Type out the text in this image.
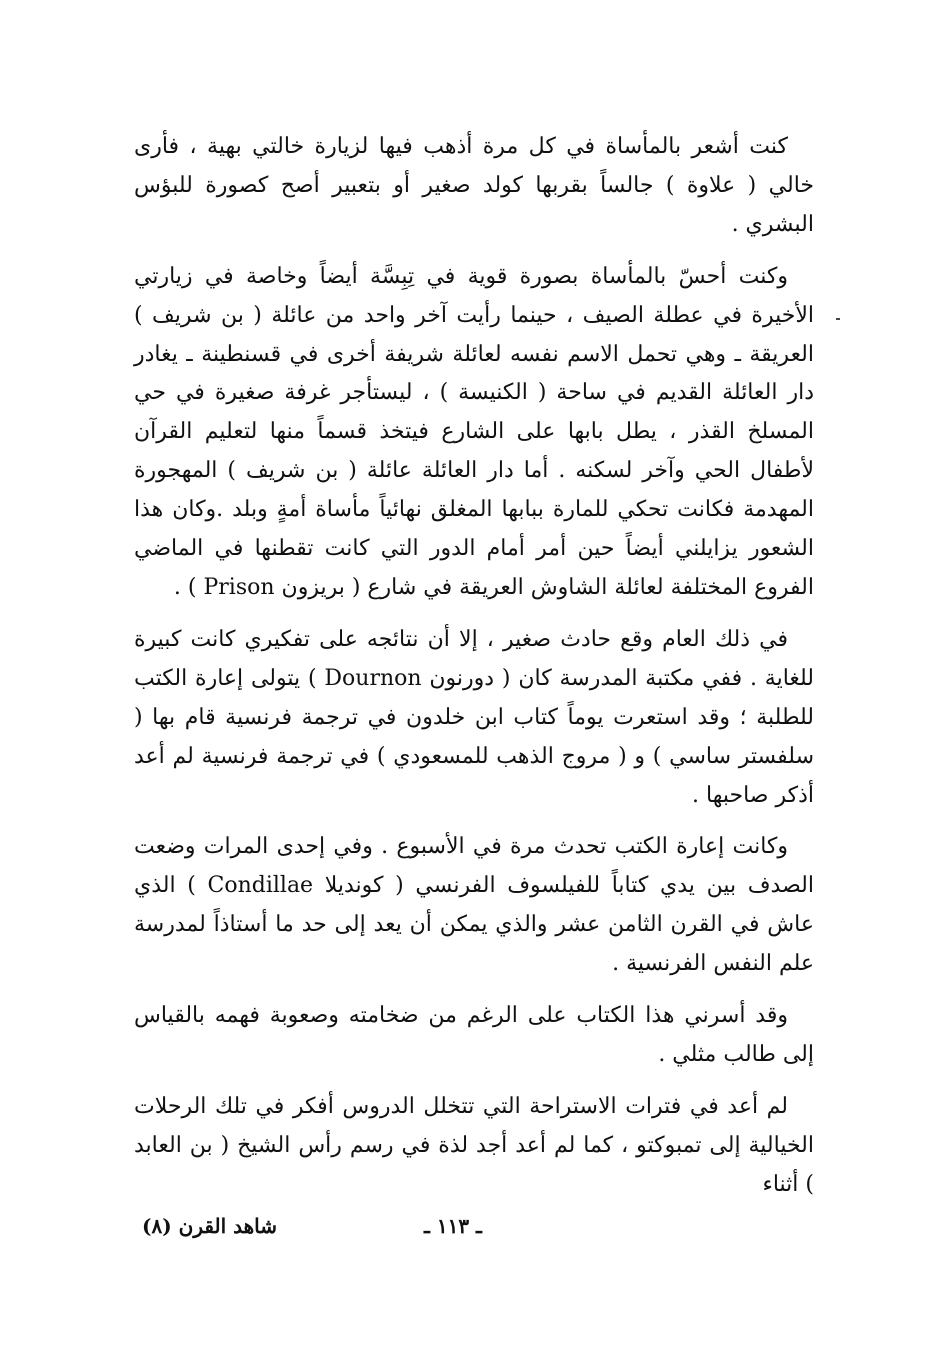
كنت أشعر بالمأساة في كل مرة أذهب فيها لزيارة خالتي بهية ، فأرى خالي ( علاوة ) جالساً بقربها كولد صغير أو بتعبير أصح كصورة للبؤس البشري .

وكنت أحسّ بالمأساة بصورة قوية في تِبِسَّة أيضاً وخاصة في زيارتي الأخيرة في عطلة الصيف ، حينما رأيت آخر واحد من عائلة ( بن شريف ) العريقة ـ وهي تحمل الاسم نفسه لعائلة شريفة أخرى في قسنطينة ـ يغادر دار العائلة القديم في ساحة ( الكنيسة ) ، ليستأجر غرفة صغيرة في حي المسلخ القذر ، يطل بابها على الشارع فيتخذ قسماً منها لتعليم القرآن لأطفال الحي وآخر لسكنه . أما دار العائلة عائلة ( بن شريف ) المهجورة المهدمة فكانت تحكي للمارة ببابها المغلق نهائياً مأساة أمةٍ وبلد .وكان هذا الشعور يزايلني أيضاً حين أمر أمام الدور التي كانت تقطنها في الماضي الفروع المختلفة لعائلة الشاوش العريقة في شارع ( بريزون Prison ) .

في ذلك العام وقع حادث صغير ، إلا أن نتائجه على تفكيري كانت كبيرة للغاية . ففي مكتبة المدرسة كان ( دورنون Dournon ) يتولى إعارة الكتب للطلبة ؛ وقد استعرت يوماً كتاب ابن خلدون في ترجمة فرنسية قام بها ( سلفستر ساسي ) و ( مروج الذهب للمسعودي ) في ترجمة فرنسية لم أعد أذكر صاحبها .

وكانت إعارة الكتب تحدث مرة في الأسبوع . وفي إحدى المرات وضعت الصدف بين يدي كتاباً للفيلسوف الفرنسي ( كونديلا Condillae ) الذي عاش في القرن الثامن عشر والذي يمكن أن يعد إلى حد ما أستاذاً لمدرسة علم النفس الفرنسية .

وقد أسرني هذا الكتاب على الرغم من ضخامته وصعوبة فهمه بالقياس إلى طالب مثلي .

لم أعد في فترات الاستراحة التي تتخلل الدروس أفكر في تلك الرحلات الخيالية إلى تمبوكتو ، كما لم أعد أجد لذة في رسم رأس الشيخ ( بن العابد ) أثناء

ـ ١١٣ ـ
شاهد القرن (٨)
